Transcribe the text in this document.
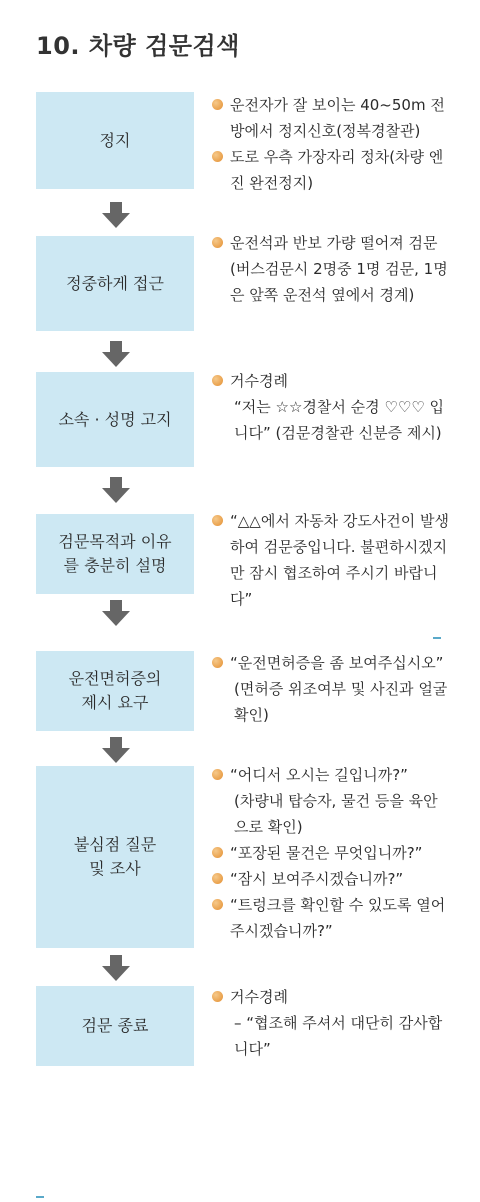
10. 차량 검문검색
정지
운전자가 잘 보이는 40~50m 전방에서 정지신호(정복경찰관)
도로 우측 가장자리 정차(차량 엔진 완전정지)
정중하게 접근
운전석과 반보 가량 떨어져 검문(버스검문시 2명중 1명 검문, 1명은 앞쪽 운전석 옆에서 경계)
소속 · 성명 고지
거수경례
“저는 ☆☆경찰서 순경 ♡♡♡ 입니다” (검문경찰관 신분증 제시)
검문목적과 이유
를 충분히 설명
“△△에서 자동차 강도사건이 발생하여 검문중입니다. 불편하시겠지만 잠시 협조하여 주시기 바랍니다”
운전면허증의
제시 요구
“운전면허증을 좀 보여주십시오”
(면허증 위조여부 및 사진과 얼굴 확인)
불심점 질문
및 조사
“어디서 오시는 길입니까?”
(차량내 탑승자, 물건 등을 육안으로 확인)
“포장된 물건은 무엇입니까?”
“잠시 보여주시겠습니까?”
“트렁크를 확인할 수 있도록 열어 주시겠습니까?”
검문 종료
거수경례
– “협조해 주셔서 대단히 감사합니다”
